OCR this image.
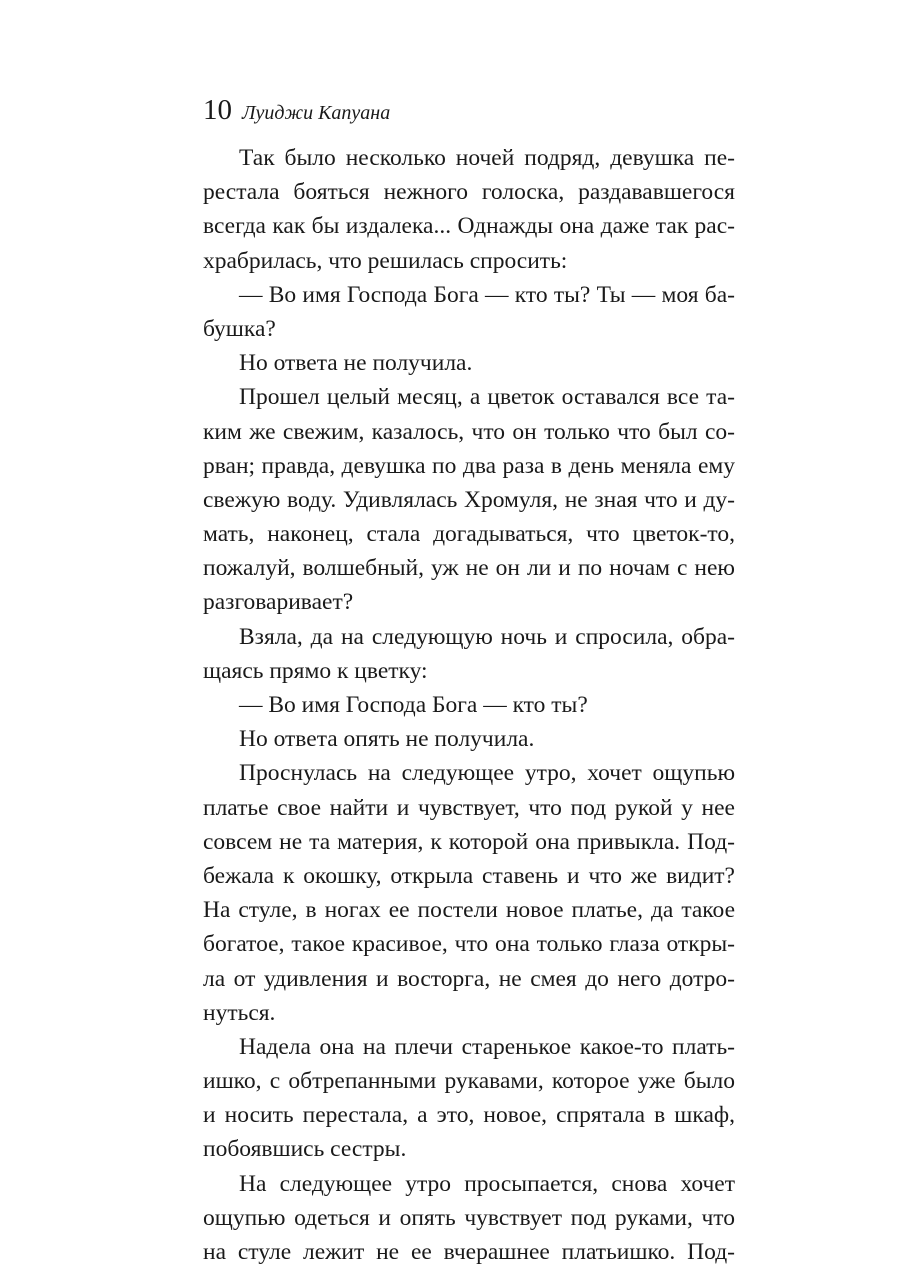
10 Луиджи Капуана
Так было несколько ночей подряд, девушка пе-
рестала бояться нежного голоска, раздававшегося
всегда как бы издалека... Однажды она даже так рас-
храбрилась, что решилась спросить:
— Во имя Господа Бога — кто ты? Ты — моя ба-
бушка?
Но ответа не получила.
Прошел целый месяц, а цветок оставался все та-
ким же свежим, казалось, что он только что был со-
рван; правда, девушка по два раза в день меняла ему
свежую воду. Удивлялась Хромуля, не зная что и ду-
мать, наконец, стала догадываться, что цветок-то,
пожалуй, волшебный, уж не он ли и по ночам с нею
разговаривает?
Взяла, да на следующую ночь и спросила, обра-
щаясь прямо к цветку:
— Во имя Господа Бога — кто ты?
Но ответа опять не получила.
Проснулась на следующее утро, хочет ощупью
платье свое найти и чувствует, что под рукой у нее
совсем не та материя, к которой она привыкла. Под-
бежала к окошку, открыла ставень и что же видит?
На стуле, в ногах ее постели новое платье, да такое
богатое, такое красивое, что она только глаза откры-
ла от удивления и восторга, не смея до него дотро-
нуться.
Надела она на плечи старенькое какое-то плать-
ишко, с обтрепанными рукавами, которое уже было
и носить перестала, а это, новое, спрятала в шкаф,
побоявшись сестры.
На следующее утро просыпается, снова хочет
ощупью одеться и опять чувствует под руками, что
на стуле лежит не ее вчерашнее платьишко. Под-
